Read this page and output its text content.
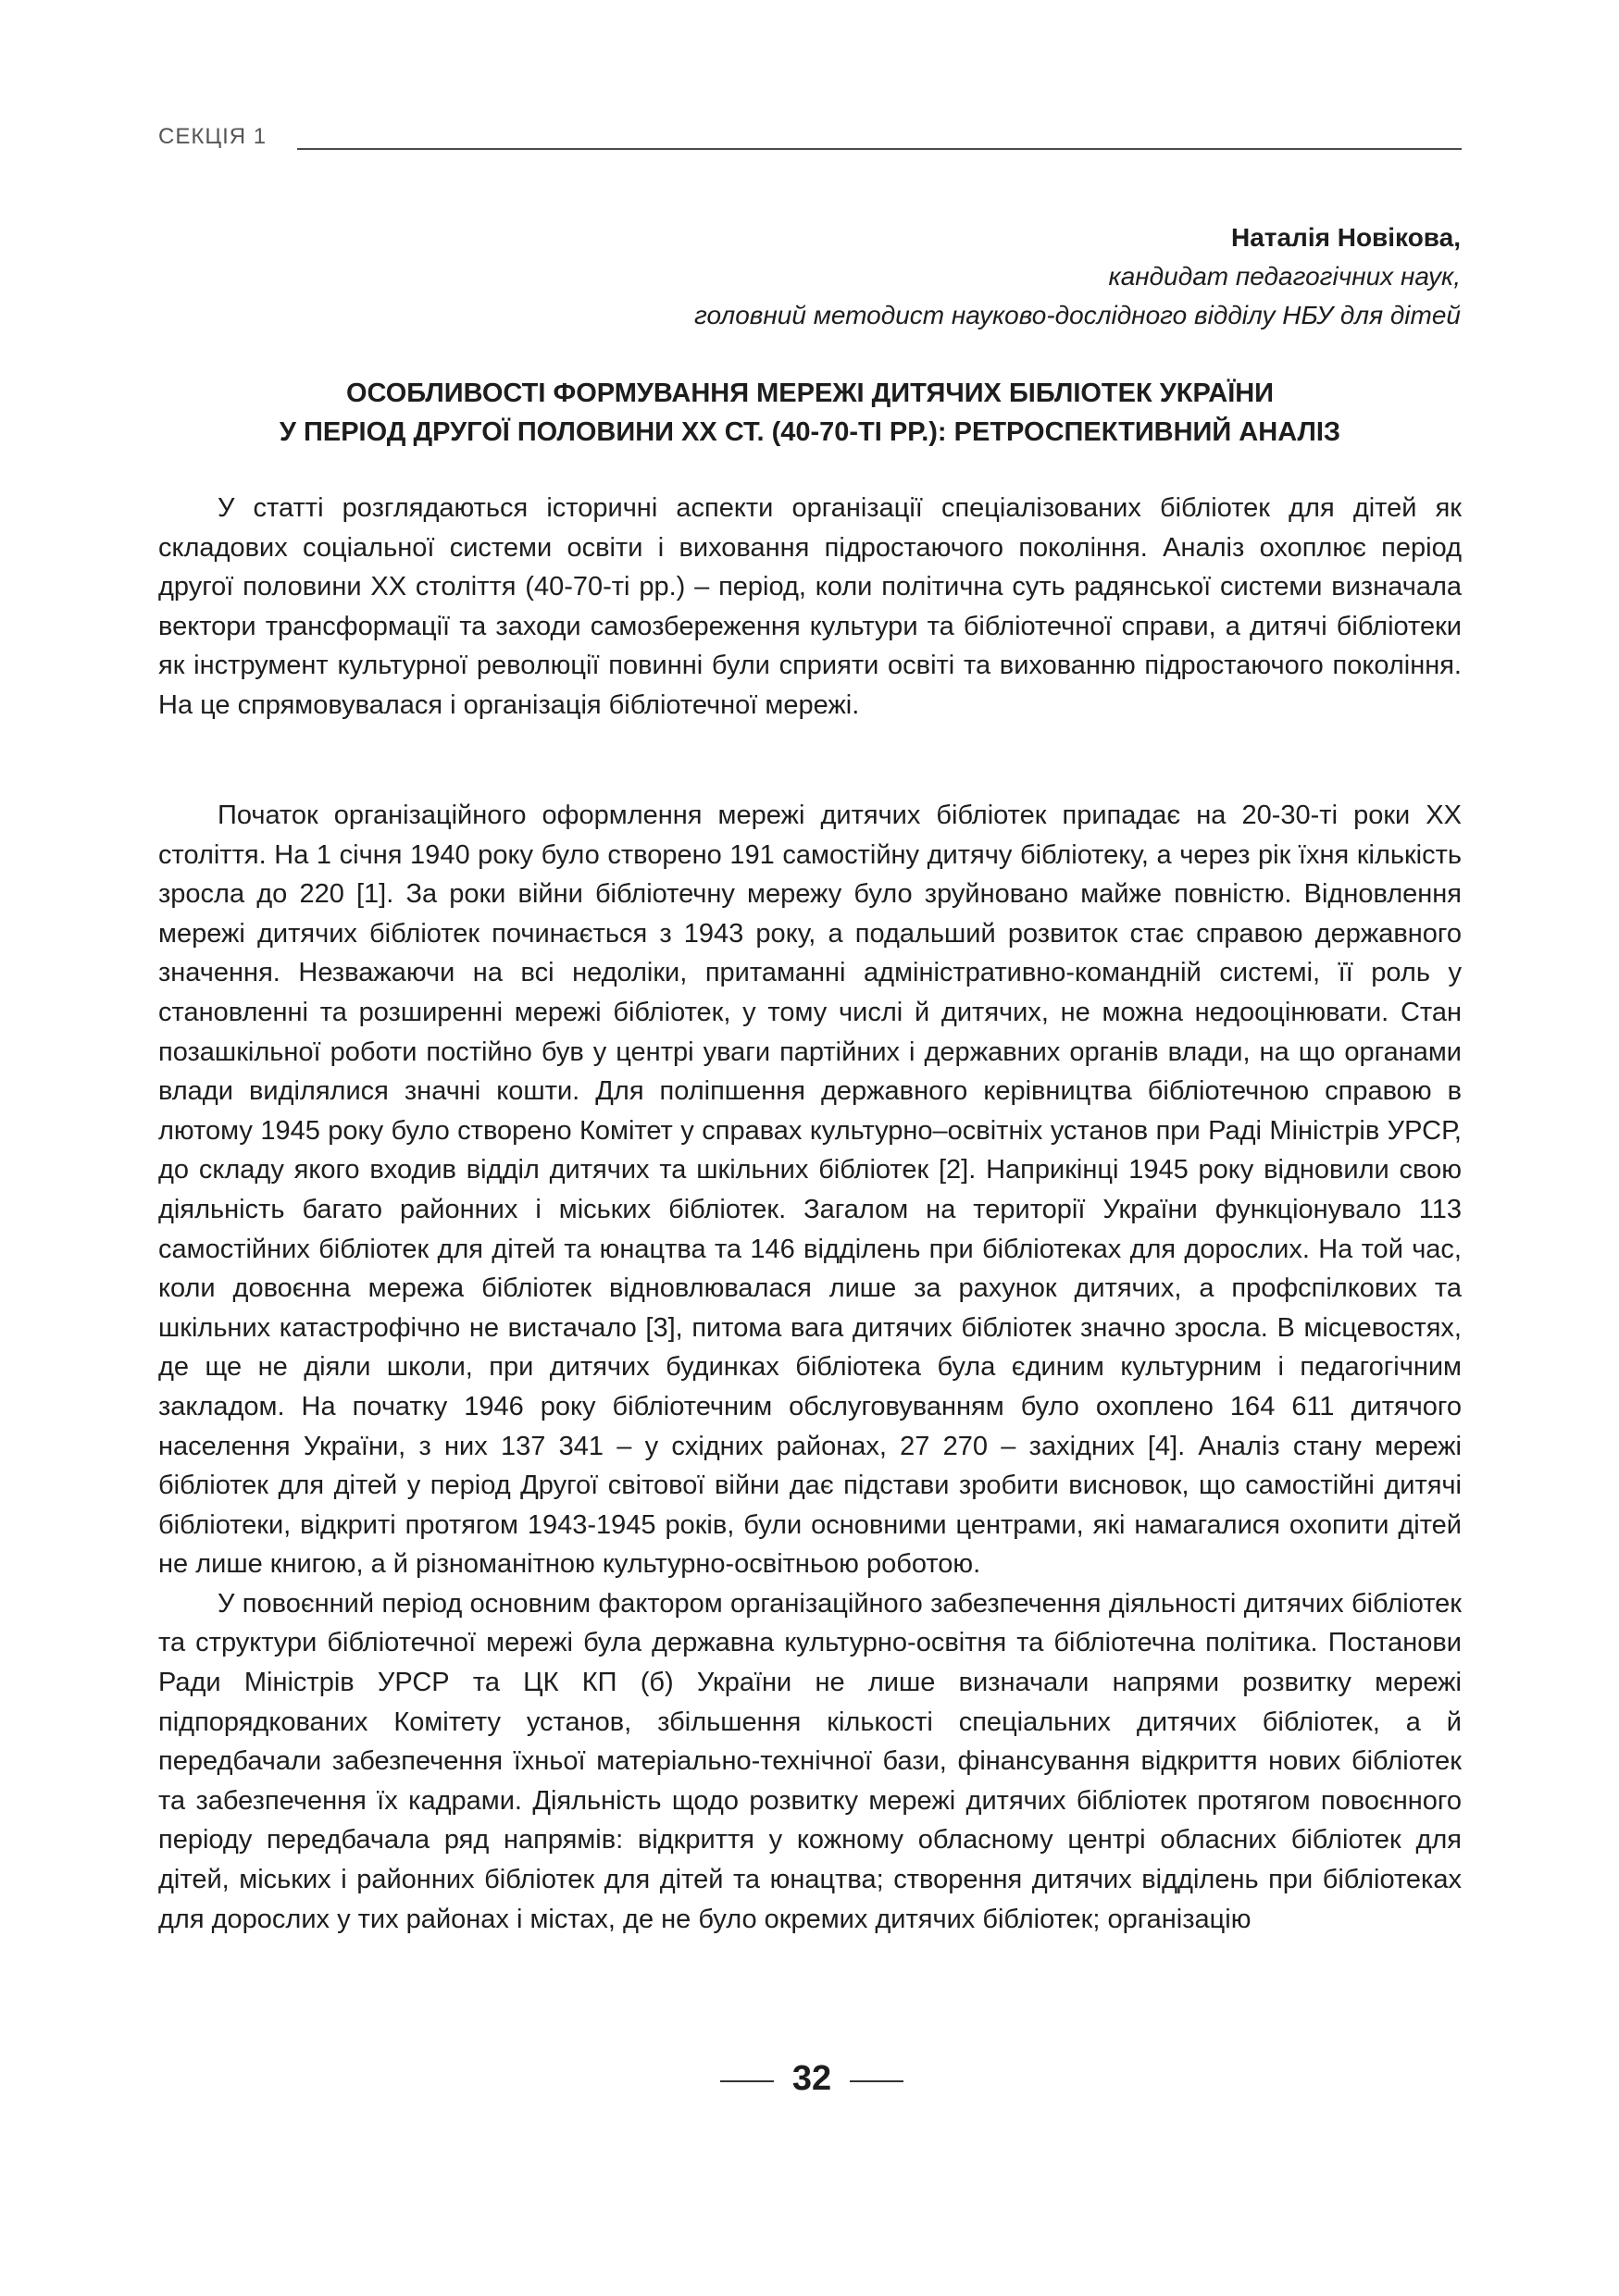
СЕКЦІЯ 1
Наталія Новікова,
кандидат педагогічних наук,
головний методист науково-дослідного відділу НБУ для дітей
ОСОБЛИВОСТІ ФОРМУВАННЯ МЕРЕЖІ ДИТЯЧИХ БІБЛІОТЕК УКРАЇНИ
У ПЕРІОД ДРУГОЇ ПОЛОВИНИ ХХ СТ. (40-70-ТІ РР.): РЕТРОСПЕКТИВНИЙ АНАЛІЗ

У статті розглядаються історичні аспекти організації спеціалізованих бібліотек для дітей як складових соціальної системи освіти і виховання підростаючого покоління. Аналіз охоплює період другої половини ХХ століття (40-70-ті рр.) – період, коли політична суть радянської системи визначала вектори трансформації та заходи самозбереження культури та бібліотечної справи, а дитячі бібліотеки як інструмент культурної революції повинні були сприяти освіті та вихованню підростаючого покоління. На це спрямовувалася і організація бібліотечної мережі.

Початок організаційного оформлення мережі дитячих бібліотек припадає на 20-30-ті роки ХХ століття. На 1 січня 1940 року було створено 191 самостійну дитячу бібліотеку, а через рік їхня кількість зросла до 220 [1]. За роки війни бібліотечну мережу було зруйновано майже повністю. Відновлення мережі дитячих бібліотек починається з 1943 року, а подальший розвиток стає справою державного значення. Незважаючи на всі недоліки, притаманні адміністративно-командній системі, її роль у становленні та розширенні мережі бібліотек, у тому числі й дитячих, не можна недооцінювати. Стан позашкільної роботи постійно був у центрі уваги партійних і державних органів влади, на що органами влади виділялися значні кошти. Для поліпшення державного керівництва бібліотечною справою в лютому 1945 року було створено Комітет у справах культурно–освітніх установ при Раді Міністрів УРСР, до складу якого входив відділ дитячих та шкільних бібліотек [2]. Наприкінці 1945 року відновили свою діяльність багато районних і міських бібліотек. Загалом на території України функціонувало 113 самостійних бібліотек для дітей та юнацтва та 146 відділень при бібліотеках для дорослих. На той час, коли довоєнна мережа бібліотек відновлювалася лише за рахунок дитячих, а профспілкових та шкільних катастрофічно не вистачало [3], питома вага дитячих бібліотек значно зросла. В місцевостях, де ще не діяли школи, при дитячих будинках бібліотека була єдиним культурним і педагогічним закладом. На початку 1946 року бібліотечним обслуговуванням було охоплено 164 611 дитячого населення України, з них 137 341 – у східних районах, 27 270 – західних [4]. Аналіз стану мережі бібліотек для дітей у період Другої світової війни дає підстави зробити висновок, що самостійні дитячі бібліотеки, відкриті протягом 1943-1945 років, були основними центрами, які намагалися охопити дітей не лише книгою, а й різноманітною культурно-освітньою роботою.

У повоєнний період основним фактором організаційного забезпечення діяльності дитячих бібліотек та структури бібліотечної мережі була державна культурно-освітня та бібліотечна політика. Постанови Ради Міністрів УРСР та ЦК КП (б) України не лише визначали напрями розвитку мережі підпорядкованих Комітету установ, збільшення кількості спеціальних дитячих бібліотек, а й передбачали забезпечення їхньої матеріально-технічної бази, фінансування відкриття нових бібліотек та забезпечення їх кадрами. Діяльність щодо розвитку мережі дитячих бібліотек протягом повоєнного періоду передбачала ряд напрямів: відкриття у кожному обласному центрі обласних бібліотек для дітей, міських і районних бібліотек для дітей та юнацтва; створення дитячих відділень при бібліотеках для дорослих у тих районах і містах, де не було окремих дитячих бібліотек; організацію

32
